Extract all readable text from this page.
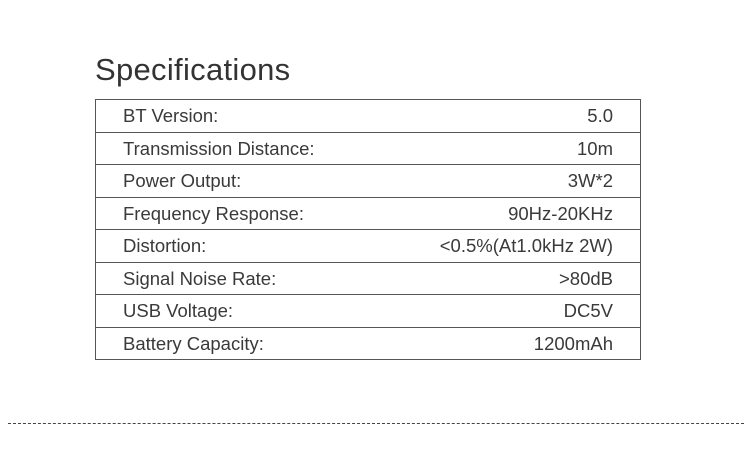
Specifications
BT Version:	5.0

Transmission Distance:	10m

Power Output:	3W*2

Frequency Response:	90Hz-20KHz

Distortion:	<0.5%(At1.0kHz 2W)

Signal Noise Rate:	>80dB

USB Voltage:	DC5V

Battery Capacity:	1200mAh
